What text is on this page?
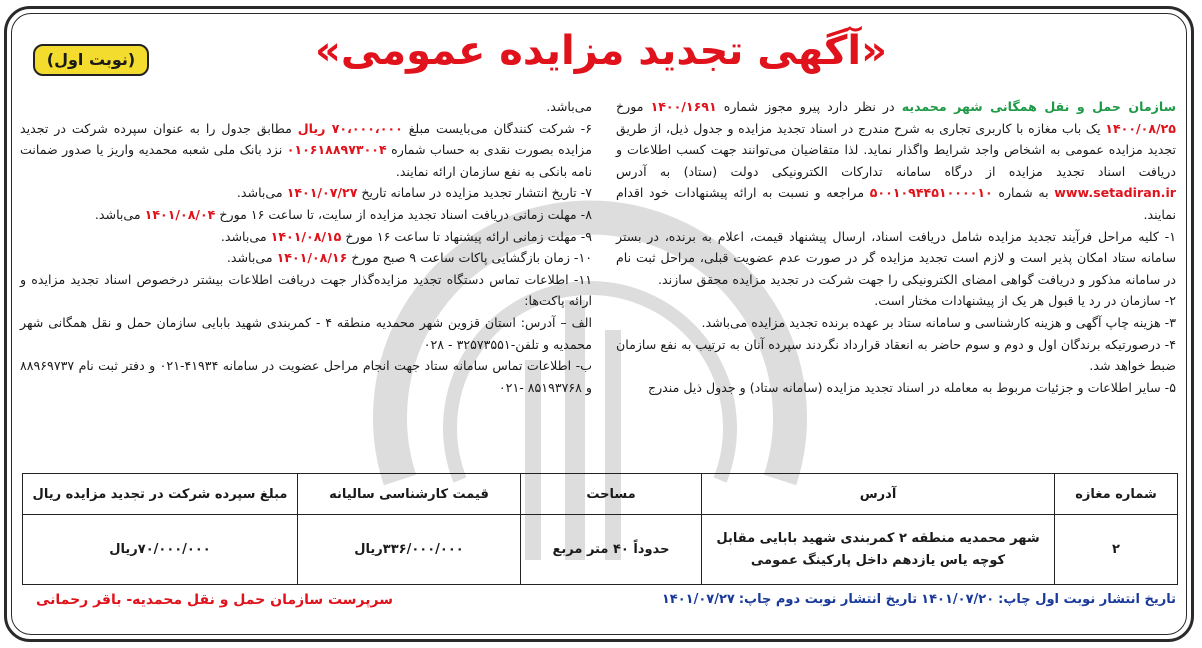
«آگهی تجدید مزایده عمومی»
(نوبت اول)

سازمان حمل و نقل همگانی شهر محمدیه در نظر دارد پیرو مجوز شماره ۱۴۰۰/۱۶۹۱ مورخ ۱۴۰۰/۰۸/۲۵ یک باب مغازه با کاربری تجاری به شرح مندرج در اسناد تجدید مزایده و جدول ذیل، از طریق تجدید مزایده عمومی به اشخاص واجد شرایط واگذار نماید. لذا متقاضیان می‌توانند جهت کسب اطلاعات و دریافت اسناد تجدید مزایده از درگاه سامانه تدارکات الکترونیکی دولت (ستاد) به آدرس www.setadiran.ir به شماره ۵۰۰۱۰۹۴۴۵۱۰۰۰۰۱۰ مراجعه و نسبت به ارائه پیشنهادات خود اقدام نمایند.

۱- کلیه مراحل فرآیند تجدید مزایده شامل دریافت اسناد، ارسال پیشنهاد قیمت، اعلام به برنده، در بستر سامانه ستاد امکان پذیر است و لازم است تجدید مزایده گر در صورت عدم عضویت قبلی، مراحل ثبت نام در سامانه مذکور و دریافت گواهی امضای الکترونیکی را جهت شرکت در تجدید مزایده محقق سازند.

۲- سازمان در رد یا قبول هر یک از پیشنهادات مختار است.

۳- هزینه چاپ آگهی و هزینه کارشناسی و سامانه ستاد بر عهده برنده تجدید مزایده می‌باشد.

۴- درصورتیکه برندگان اول و دوم و سوم حاضر به انعقاد قرارداد نگردند سپرده آنان به ترتیب به نفع سازمان ضبط خواهد شد.

۵- سایر اطلاعات و جزئیات مربوط به معامله در اسناد تجدید مزایده (سامانه ستاد) و جدول ذیل مندرج

می‌باشد.

۶- شرکت کنندگان می‌بایست مبلغ ۷۰،۰۰۰،۰۰۰ ریال مطابق جدول را به عنوان سپرده شرکت در تجدید مزایده بصورت نقدی به حساب شماره ۰۱۰۶۱۸۸۹۷۳۰۰۴ نزد بانک ملی شعبه محمدیه واریز یا صدور ضمانت نامه بانکی به نفع سازمان ارائه نمایند.

۷- تاریخ انتشار تجدید مزایده در سامانه تاریخ ۱۴۰۱/۰۷/۲۷ می‌باشد.

۸- مهلت زمانی دریافت اسناد تجدید مزایده از سایت، تا ساعت ۱۶ مورخ ۱۴۰۱/۰۸/۰۴ می‌باشد.

۹- مهلت زمانی ارائه پیشنهاد تا ساعت ۱۶ مورخ ۱۴۰۱/۰۸/۱۵ می‌باشد.

۱۰- زمان بازگشایی پاکات ساعت ۹ صبح مورخ ۱۴۰۱/۰۸/۱۶ می‌باشد.

۱۱- اطلاعات تماس دستگاه تجدید مزایده‌گذار جهت دریافت اطلاعات بیشتر درخصوص اسناد تجدید مزایده و ارائه پاکت‌ها:

الف – آدرس: استان قزوین شهر محمدیه منطقه ۴ - کمربندی شهید بابایی سازمان حمل و نقل همگانی شهر محمدیه و تلفن-۳۲۵۷۳۵۵۱ - ۰۲۸

ب- اطلاعات تماس سامانه ستاد جهت انجام مراحل عضویت در سامانه ۴۱۹۳۴-۰۲۱ و دفتر ثبت نام ۸۸۹۶۹۷۳۷ و ۸۵۱۹۳۷۶۸ -۰۲۱

شماره مغازه	آدرس	مساحت	قیمت کارشناسی سالیانه	مبلغ سپرده شرکت در تجدید مزایده ریال
۲	شهر محمدیه منطقه ۲ کمربندی شهید بابایی مقابل
کوچه یاس یازدهم داخل پارکینگ عمومی	حدوداً ۴۰ متر مربع	۳۳۶/۰۰۰/۰۰۰ریال	۷۰/۰۰۰/۰۰۰ریال
تاریخ انتشار نوبت اول چاپ:۱۴۰۱/۰۷/۲۰تاریخ انتشار نوبت دوم چاپ:۱۴۰۱/۰۷/۲۷
سرپرست سازمان حمل و نقل محمدیه- باقر رحمانی
